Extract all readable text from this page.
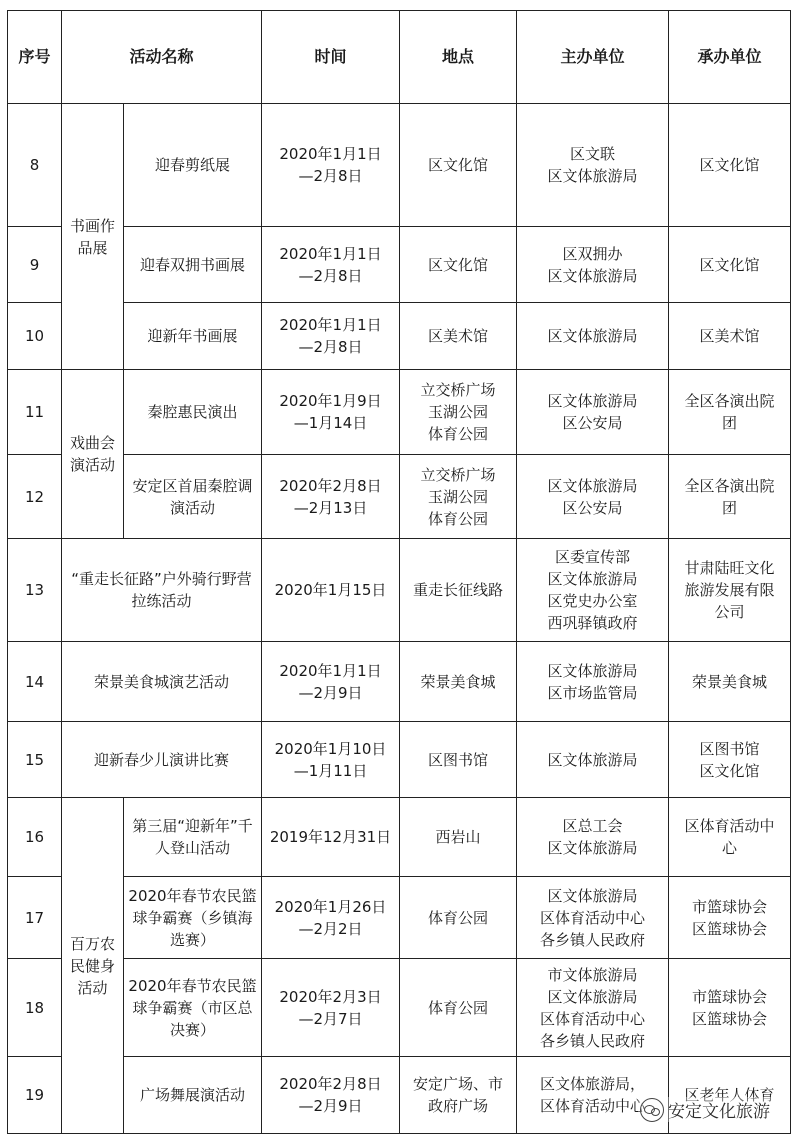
序号	活动名称		时间	地点	主办单位	承办单位
8	书画作品展	迎春剪纸展	2020年1月1日
—2月8日	区文化馆	区文联
区文体旅游局	区文化馆

9		迎春双拥书画展	2020年1月1日
—2月8日	区文化馆	区双拥办
区文体旅游局	区文化馆

10		迎新年书画展	2020年1月1日
—2月8日	区美术馆	区文体旅游局	区美术馆

11	戏曲会演活动	秦腔惠民演出	2020年1月9日
—1月14日	立交桥广场
玉湖公园
体育公园	区文体旅游局
区公安局	全区各演出院
团

12		安定区首届秦腔调演活动	2020年2月8日
—2月13日	立交桥广场
玉湖公园
体育公园	区文体旅游局
区公安局	全区各演出院
团

13	“重走长征路”户外骑行野营拉练活动		2020年1月15日	重走长征线路	区委宣传部
区文体旅游局
区党史办公室
西巩驿镇政府	甘肃陆旺文化
旅游发展有限
公司

14	荣景美食城演艺活动		2020年1月1日
—2月9日	荣景美食城	区文体旅游局
区市场监管局	荣景美食城

15	迎新春少儿演讲比赛		2020年1月10日
—1月11日	区图书馆	区文体旅游局	区图书馆
区文化馆

16	百万农民健身活动	第三届“迎新年”千人登山活动	2019年12月31日	西岩山	区总工会
区文体旅游局	区体育活动中
心

17		2020年春节农民篮球争霸赛（乡镇海选赛）	2020年1月26日
—2月2日	体育公园	区文体旅游局
区体育活动中心
各乡镇人民政府	市篮球协会
区篮球协会

18		2020年春节农民篮球争霸赛（市区总决赛）	2020年2月3日
—2月7日	体育公园	市文体旅游局
区文体旅游局
区体育活动中心
各乡镇人民政府	市篮球协会
区篮球协会

19		广场舞展演活动	2020年2月8日
—2月9日	安定广场、市
政府广场	区文体旅游局，
区体育活动中心	区老年人体育
安定文化旅游
